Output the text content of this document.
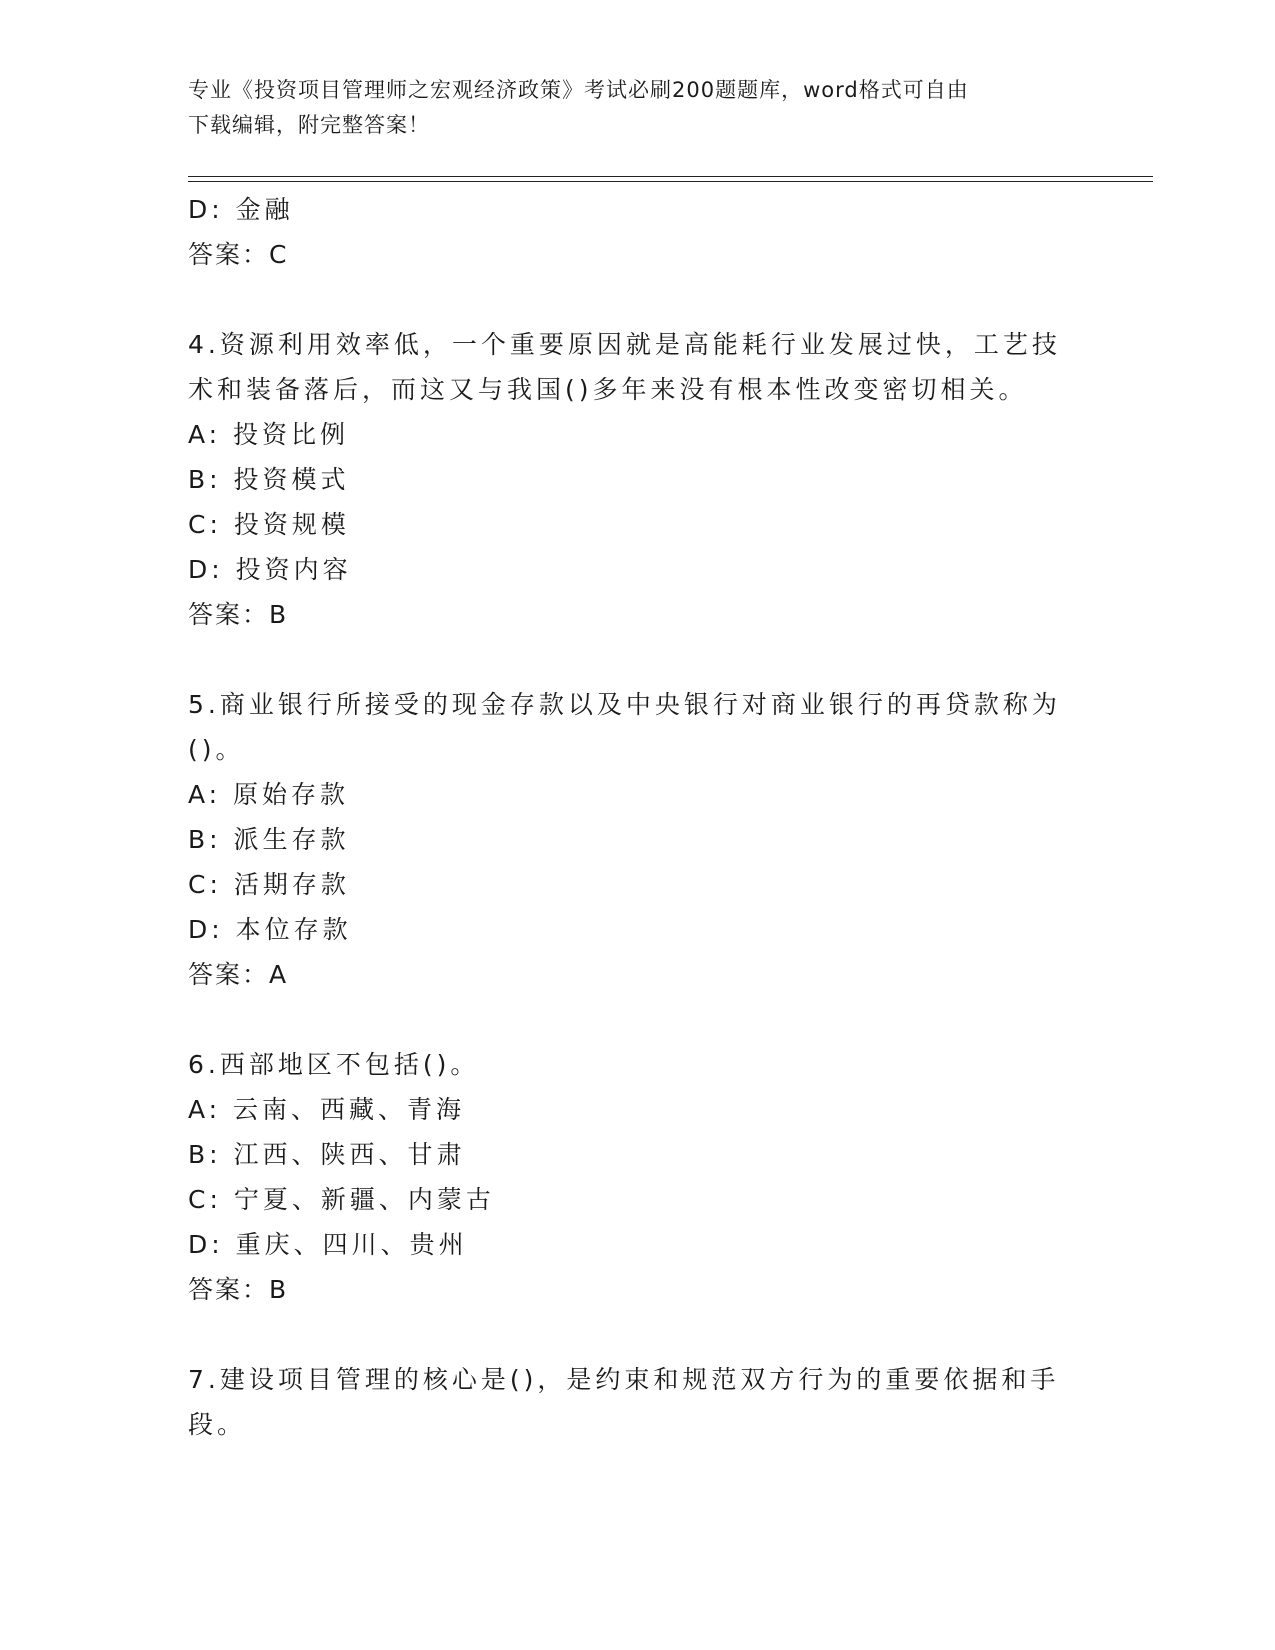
专业《投资项目管理师之宏观经济政策》考试必刷200题题库，word格式可自由
下载编辑，附完整答案！
D: 金融
答案：C
4.资源利用效率低，一个重要原因就是高能耗行业发展过快，工艺技
术和装备落后，而这又与我国()多年来没有根本性改变密切相关。
A: 投资比例
B: 投资模式
C: 投资规模
D: 投资内容
答案：B
5.商业银行所接受的现金存款以及中央银行对商业银行的再贷款称为
()。
A: 原始存款
B: 派生存款
C: 活期存款
D: 本位存款
答案：A
6.西部地区不包括()。
A: 云南、西藏、青海
B: 江西、陕西、甘肃
C: 宁夏、新疆、内蒙古
D: 重庆、四川、贵州
答案：B
7.建设项目管理的核心是()，是约束和规范双方行为的重要依据和手
段。
